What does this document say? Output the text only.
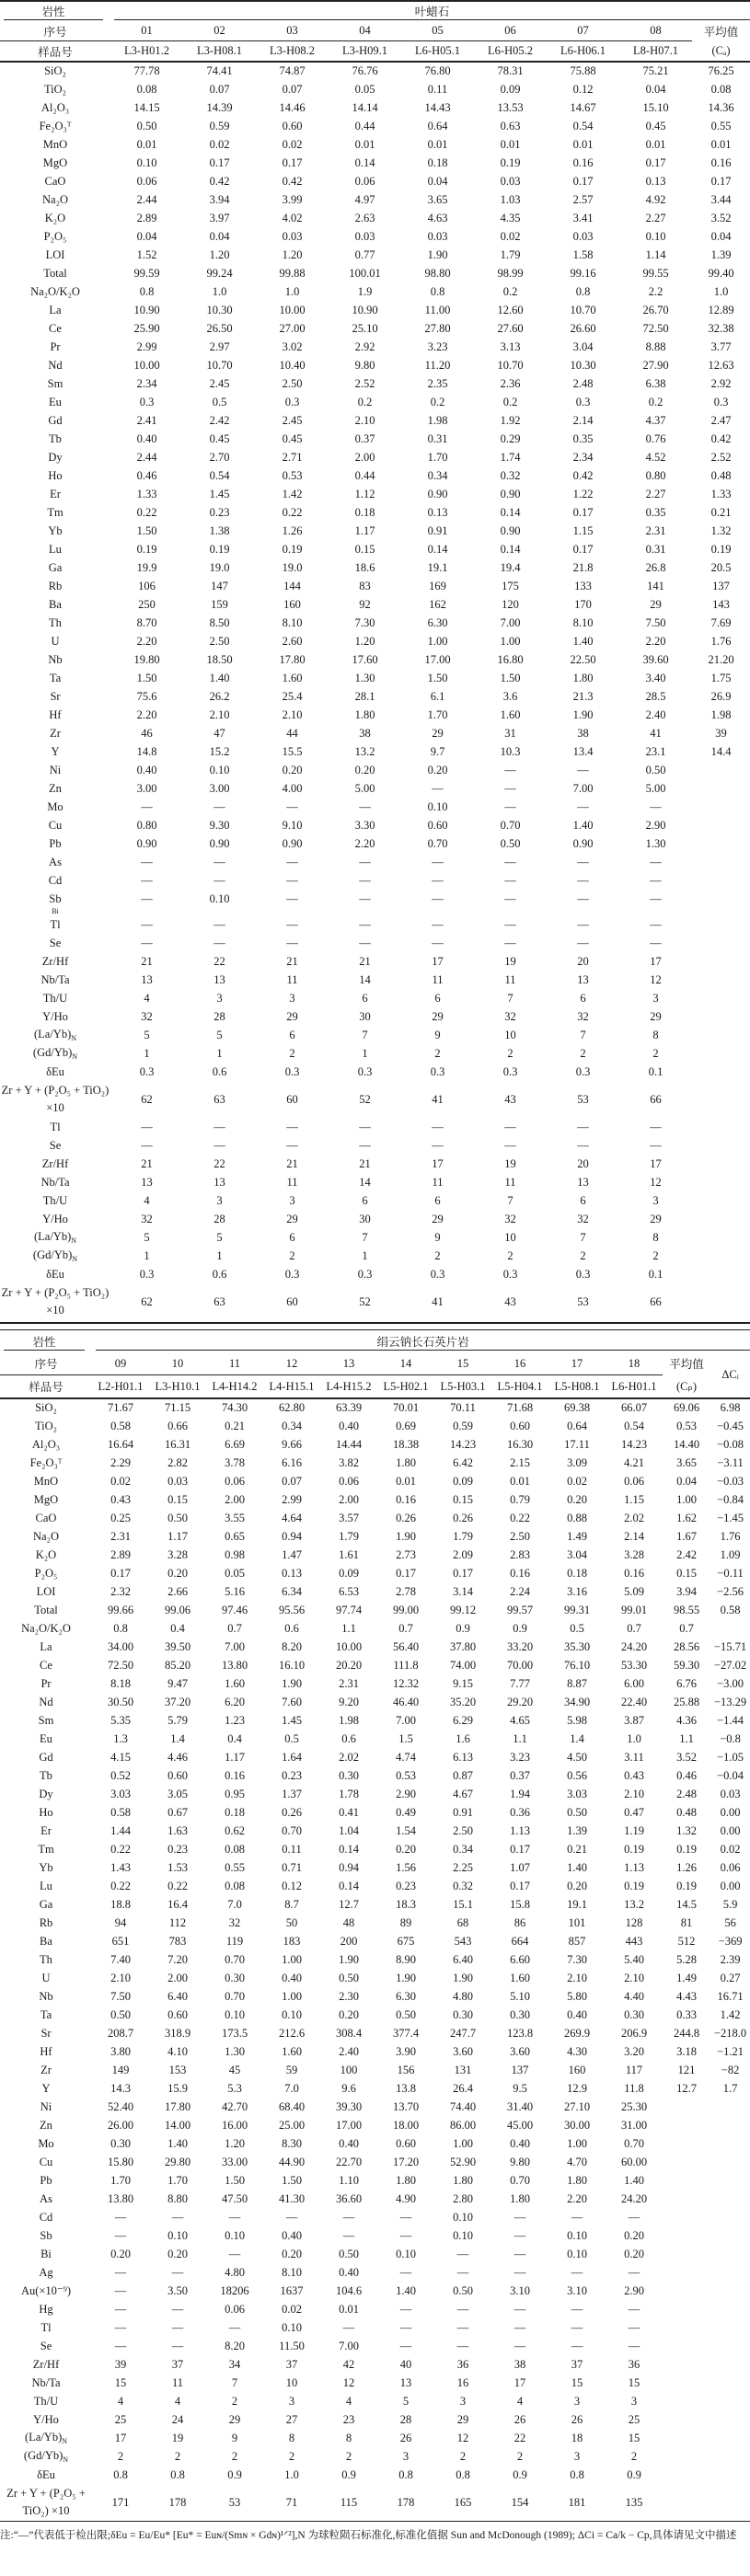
岩性	叶蜡石								

序号	01	02	03	04	05	06	07	08	平均值
样品号	L3-H01.2	L3-H08.1	L3-H08.2	L3-H09.1	L6-H05.1	L6-H05.2	L6-H06.1	L8-H07.1	(Cₐ)
SiO₂	77.78	74.41	74.87	76.76	76.80	78.31	75.88	75.21	76.25
TiO₂	0.08	0.07	0.07	0.05	0.11	0.09	0.12	0.04	0.08
Al₂O₃	14.15	14.39	14.46	14.14	14.43	13.53	14.67	15.10	14.36
Fe₂O₃ᵀ	0.50	0.59	0.60	0.44	0.64	0.63	0.54	0.45	0.55
MnO	0.01	0.02	0.02	0.01	0.01	0.01	0.01	0.01	0.01
MgO	0.10	0.17	0.17	0.14	0.18	0.19	0.16	0.17	0.16
CaO	0.06	0.42	0.42	0.06	0.04	0.03	0.17	0.13	0.17
Na₂O	2.44	3.94	3.99	4.97	3.65	1.03	2.57	4.92	3.44
K₂O	2.89	3.97	4.02	2.63	4.63	4.35	3.41	2.27	3.52
P₂O₅	0.04	0.04	0.03	0.03	0.03	0.02	0.03	0.10	0.04
LOI	1.52	1.20	1.20	0.77	1.90	1.79	1.58	1.14	1.39
Total	99.59	99.24	99.88	100.01	98.80	98.99	99.16	99.55	99.40
Na₂O/K₂O	0.8	1.0	1.0	1.9	0.8	0.2	0.8	2.2	1.0
La	10.90	10.30	10.00	10.90	11.00	12.60	10.70	26.70	12.89
Ce	25.90	26.50	27.00	25.10	27.80	27.60	26.60	72.50	32.38
Pr	2.99	2.97	3.02	2.92	3.23	3.13	3.04	8.88	3.77
Nd	10.00	10.70	10.40	9.80	11.20	10.70	10.30	27.90	12.63
Sm	2.34	2.45	2.50	2.52	2.35	2.36	2.48	6.38	2.92
Eu	0.3	0.5	0.3	0.2	0.2	0.2	0.3	0.2	0.3
Gd	2.41	2.42	2.45	2.10	1.98	1.92	2.14	4.37	2.47
Tb	0.40	0.45	0.45	0.37	0.31	0.29	0.35	0.76	0.42
Dy	2.44	2.70	2.71	2.00	1.70	1.74	2.34	4.52	2.52
Ho	0.46	0.54	0.53	0.44	0.34	0.32	0.42	0.80	0.48
Er	1.33	1.45	1.42	1.12	0.90	0.90	1.22	2.27	1.33
Tm	0.22	0.23	0.22	0.18	0.13	0.14	0.17	0.35	0.21
Yb	1.50	1.38	1.26	1.17	0.91	0.90	1.15	2.31	1.32
Lu	0.19	0.19	0.19	0.15	0.14	0.14	0.17	0.31	0.19
Ga	19.9	19.0	19.0	18.6	19.1	19.4	21.8	26.8	20.5
Rb	106	147	144	83	169	175	133	141	137
Ba	250	159	160	92	162	120	170	29	143
Th	8.70	8.50	8.10	7.30	6.30	7.00	8.10	7.50	7.69
U	2.20	2.50	2.60	1.20	1.00	1.00	1.40	2.20	1.76
Nb	19.80	18.50	17.80	17.60	17.00	16.80	22.50	39.60	21.20
Ta	1.50	1.40	1.60	1.30	1.50	1.50	1.80	3.40	1.75
Sr	75.6	26.2	25.4	28.1	6.1	3.6	21.3	28.5	26.9
Hf	2.20	2.10	2.10	1.80	1.70	1.60	1.90	2.40	1.98
Zr	46	47	44	38	29	31	38	41	39
Y	14.8	15.2	15.5	13.2	9.7	10.3	13.4	23.1	14.4
Ni	0.40	0.10	0.20	0.20	0.20	—	—	0.50	
Zn	3.00	3.00	4.00	5.00	—	—	7.00	5.00	
Mo	—	—	—	—	0.10	—	—	—	
Cu	0.80	9.30	9.10	3.30	0.60	0.70	1.40	2.90	
Pb	0.90	0.90	0.90	2.20	0.70	0.50	0.90	1.30	
As	—	—	—	—	—	—	—	—	
Cd	—	—	—	—	—	—	—	—	
Sb	—	0.10	—	—	—	—	—	—	
Bi									
Tl	—	—	—	—	—	—	—	—	
Se	—	—	—	—	—	—	—	—	
Zr/Hf	21	22	21	21	17	19	20	17	
Nb/Ta	13	13	11	14	11	11	13	12	
Th/U	4	3	3	6	6	7	6	3	
Y/Ho	32	28	29	30	29	32	32	29	
$(La/Yb)_N$	5	5	6	7	9	10	7	8	
$(Gd/Yb)_N$	1	1	2	1	2	2	2	2	
δEu	0.3	0.6	0.3	0.3	0.3	0.3	0.3	0.1	
Zr + Y + (P₂O₅ + TiO₂) ×10	62	63	60	52	41	43	53	66	
Tl	—	—	—	—	—	—	—	—	
Se	—	—	—	—	—	—	—	—	
Zr/Hf	21	22	21	21	17	19	20	17	
Nb/Ta	13	13	11	14	11	11	13	12	
Th/U	4	3	3	6	6	7	6	3	
Y/Ho	32	28	29	30	29	32	32	29	
$(La/Yb)_N$	5	5	6	7	9	10	7	8	
$(Gd/Yb)_N$	1	1	2	1	2	2	2	2	
δEu	0.3	0.6	0.3	0.3	0.3	0.3	0.3	0.1	
Zr + Y + (P₂O₅ + TiO₂) ×10	62	63	60	52	41	43	53	66	
岩性	绢云钠长石英片岩											

序号	09	10	11	12	13	14	15	16	17	18	平均值	ΔCᵢ
样品号	L2-H01.1	L3-H10.1	L4-H14.2	L4-H15.1	L4-H15.2	L5-H02.1	L5-H03.1	L5-H04.1	L5-H08.1	L6-H01.1	(Cₚ)	
SiO₂	71.67	71.15	74.30	62.80	63.39	70.01	70.11	71.68	69.38	66.07	69.06	6.98
TiO₂	0.58	0.66	0.21	0.34	0.40	0.69	0.59	0.60	0.64	0.54	0.53	−0.45
Al₂O₃	16.64	16.31	6.69	9.66	14.44	18.38	14.23	16.30	17.11	14.23	14.40	−0.08
Fe₂O₃ᵀ	2.29	2.82	3.78	6.16	3.82	1.80	6.42	2.15	3.09	4.21	3.65	−3.11
MnO	0.02	0.03	0.06	0.07	0.06	0.01	0.09	0.01	0.02	0.06	0.04	−0.03
MgO	0.43	0.15	2.00	2.99	2.00	0.16	0.15	0.79	0.20	1.15	1.00	−0.84
CaO	0.25	0.50	3.55	4.64	3.57	0.26	0.26	0.22	0.88	2.02	1.62	−1.45
Na₂O	2.31	1.17	0.65	0.94	1.79	1.90	1.79	2.50	1.49	2.14	1.67	1.76
K₂O	2.89	3.28	0.98	1.47	1.61	2.73	2.09	2.83	3.04	3.28	2.42	1.09
P₂O₅	0.17	0.20	0.05	0.13	0.09	0.17	0.17	0.16	0.18	0.16	0.15	−0.11
LOI	2.32	2.66	5.16	6.34	6.53	2.78	3.14	2.24	3.16	5.09	3.94	−2.56
Total	99.66	99.06	97.46	95.56	97.74	99.00	99.12	99.57	99.31	99.01	98.55	0.58
Na₂O/K₂O	0.8	0.4	0.7	0.6	1.1	0.7	0.9	0.9	0.5	0.7	0.7	
La	34.00	39.50	7.00	8.20	10.00	56.40	37.80	33.20	35.30	24.20	28.56	−15.71
Ce	72.50	85.20	13.80	16.10	20.20	111.8	74.00	70.00	76.10	53.30	59.30	−27.02
Pr	8.18	9.47	1.60	1.90	2.31	12.32	9.15	7.77	8.87	6.00	6.76	−3.00
Nd	30.50	37.20	6.20	7.60	9.20	46.40	35.20	29.20	34.90	22.40	25.88	−13.29
Sm	5.35	5.79	1.23	1.45	1.98	7.00	6.29	4.65	5.98	3.87	4.36	−1.44
Eu	1.3	1.4	0.4	0.5	0.6	1.5	1.6	1.1	1.4	1.0	1.1	−0.8
Gd	4.15	4.46	1.17	1.64	2.02	4.74	6.13	3.23	4.50	3.11	3.52	−1.05
Tb	0.52	0.60	0.16	0.23	0.30	0.53	0.87	0.37	0.56	0.43	0.46	−0.04
Dy	3.03	3.05	0.95	1.37	1.78	2.90	4.67	1.94	3.03	2.10	2.48	0.03
Ho	0.58	0.67	0.18	0.26	0.41	0.49	0.91	0.36	0.50	0.47	0.48	0.00
Er	1.44	1.63	0.62	0.70	1.04	1.54	2.50	1.13	1.39	1.19	1.32	0.00
Tm	0.22	0.23	0.08	0.11	0.14	0.20	0.34	0.17	0.21	0.19	0.19	0.02
Yb	1.43	1.53	0.55	0.71	0.94	1.56	2.25	1.07	1.40	1.13	1.26	0.06
Lu	0.22	0.22	0.08	0.12	0.14	0.23	0.32	0.17	0.20	0.19	0.19	0.00
Ga	18.8	16.4	7.0	8.7	12.7	18.3	15.1	15.8	19.1	13.2	14.5	5.9
Rb	94	112	32	50	48	89	68	86	101	128	81	56
Ba	651	783	119	183	200	675	543	664	857	443	512	−369
Th	7.40	7.20	0.70	1.00	1.90	8.90	6.40	6.60	7.30	5.40	5.28	2.39
U	2.10	2.00	0.30	0.40	0.50	1.90	1.90	1.60	2.10	2.10	1.49	0.27
Nb	7.50	6.40	0.70	1.00	2.30	6.30	4.80	5.10	5.80	4.40	4.43	16.71
Ta	0.50	0.60	0.10	0.10	0.20	0.50	0.30	0.30	0.40	0.30	0.33	1.42
Sr	208.7	318.9	173.5	212.6	308.4	377.4	247.7	123.8	269.9	206.9	244.8	−218.0
Hf	3.80	4.10	1.30	1.60	2.40	3.90	3.60	3.60	4.30	3.20	3.18	−1.21
Zr	149	153	45	59	100	156	131	137	160	117	121	−82
Y	14.3	15.9	5.3	7.0	9.6	13.8	26.4	9.5	12.9	11.8	12.7	1.7
Ni	52.40	17.80	42.70	68.40	39.30	13.70	74.40	31.40	27.10	25.30		
Zn	26.00	14.00	16.00	25.00	17.00	18.00	86.00	45.00	30.00	31.00		
Mo	0.30	1.40	1.20	8.30	0.40	0.60	1.00	0.40	1.00	0.70		
Cu	15.80	29.80	33.00	44.90	22.70	17.20	52.90	9.80	4.70	60.00		
Pb	1.70	1.70	1.50	1.50	1.10	1.80	1.80	0.70	1.80	1.40		
As	13.80	8.80	47.50	41.30	36.60	4.90	2.80	1.80	2.20	24.20		
Cd	—	—	—	—	—	—	0.10	—	—	—		
Sb	—	0.10	0.10	0.40	—	—	0.10	—	0.10	0.20		
Bi	0.20	0.20	—	0.20	0.50	0.10	—	—	0.10	0.20		
Ag	—	—	4.80	8.10	0.40	—	—	—	—	—		
Au(×10⁻⁹)	—	3.50	18206	1637	104.6	1.40	0.50	3.10	3.10	2.90		
Hg	—	—	0.06	0.02	0.01	—	—	—	—	—		
Tl	—	—	—	0.10	—	—	—	—	—	—		
Se	—	—	8.20	11.50	7.00	—	—	—	—	—		
Zr/Hf	39	37	34	37	42	40	36	38	37	36		
Nb/Ta	15	11	7	10	12	13	16	17	15	15		
Th/U	4	4	2	3	4	5	3	4	3	3		
Y/Ho	25	24	29	27	23	28	29	26	26	25		
$(La/Yb)_N$	17	19	9	8	8	26	12	22	18	15		
$(Gd/Yb)_N$	2	2	2	2	2	3	2	2	3	2		
δEu	0.8	0.8	0.9	1.0	0.9	0.8	0.8	0.9	0.8	0.9		
Zr + Y + (P₂O₅ + TiO₂) ×10	171	178	53	71	115	178	165	154	181	135		
注:“—”代表低于检出限;δEu = Eu/Eu* [Eu* = Euɴ/(Smɴ × Gdɴ)¹ᐟ²],N 为球粒陨石标准化,标准化值据 Sun and McDonough (1989); ΔCi = Ca/k − Cp,具体请见文中描述
